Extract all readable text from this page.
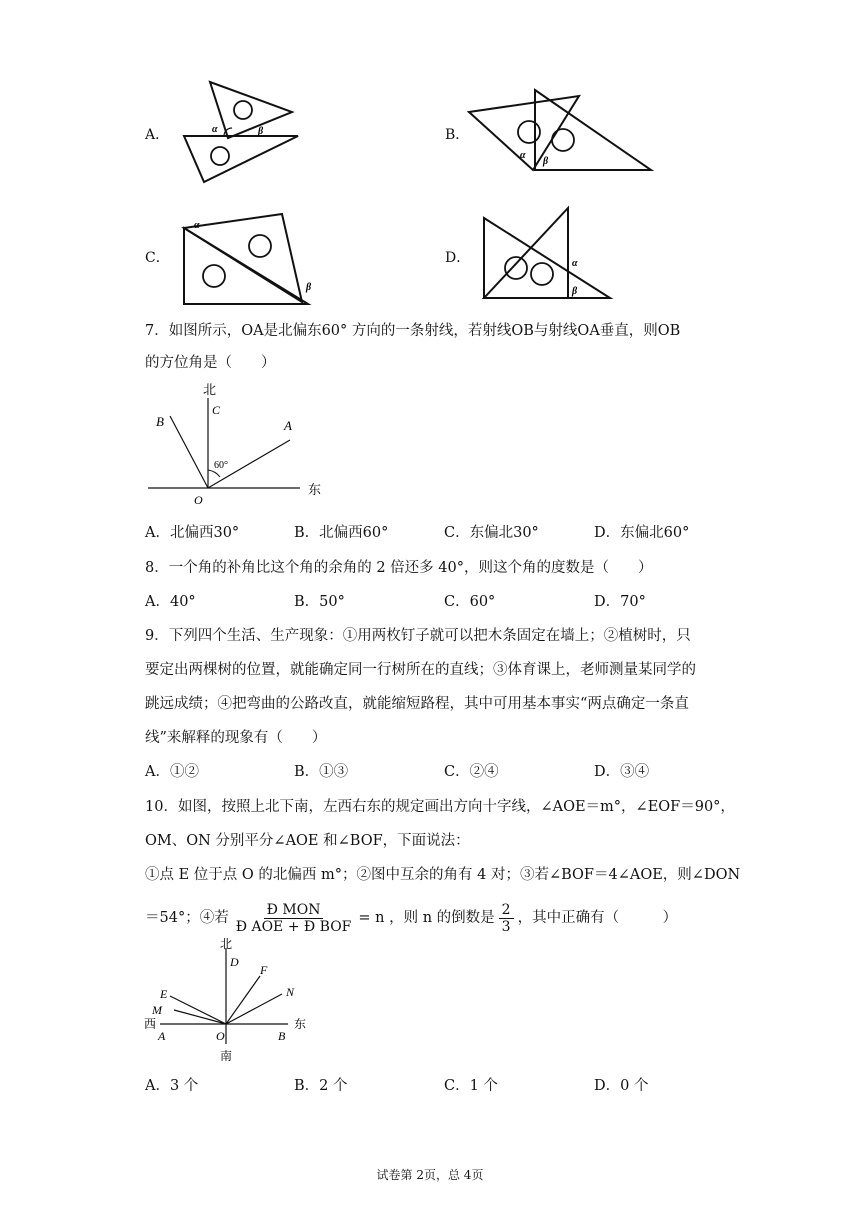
A．	α	β	B．
α
β
C．
α
β
D．	α
β
7．如图所示，OA是北偏东60° 方向的一条射线，若射线OB与射线OA垂直，则OB
的方位角是（　　）
北
C
B	A
60°
O
东
A．北偏西30°	B．北偏西60°	C．东偏北30°	D．东偏北60°
8．一个角的补角比这个角的余角的 2 倍还多 40°，则这个角的度数是（　　）
A．40°	B．50°	C．60°	D．70°
9．下列四个生活、生产现象：①用两枚钉子就可以把木条固定在墙上；②植树时，只
要定出两棵树的位置，就能确定同一行树所在的直线；③体育课上，老师测量某同学的
跳远成绩；④把弯曲的公路改直，就能缩短路程，其中可用基本事实“两点确定一条直
线”来解释的现象有（　　）
A．①②	B．①③	C．②④	D．③④
10．如图，按照上北下南，左西右东的规定画出方向十字线，∠AOE＝m°，∠EOF＝90°，
OM、ON 分别平分∠AOE 和∠BOF，下面说法：
①点 E 位于点 O 的北偏西 m°；②图中互余的角有 4 对；③若∠BOF＝4∠AOE，则∠DON
＝54°；④若 $\frac{\text{Đ MON}}{\text{Đ AOE + Đ BOF}} = n$ ，则 n 的倒数是 $\frac{2}{3}$ ，其中正确有（　　　）
北
D
F
N
E
M
西
A	O	B
东
南
A．3 个	B．2 个	C．1 个	D．0 个
试卷第 2页，总 4页
